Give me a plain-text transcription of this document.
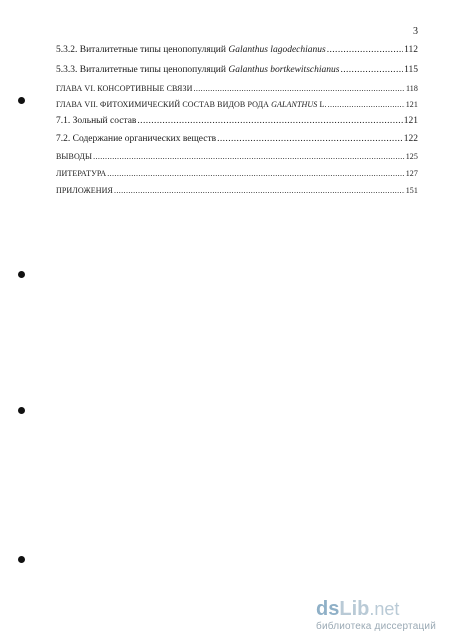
3
5.3.2. Виталитетные типы ценопопуляций Galanthus lagodechianus .....	112
5.3.3. Виталитетные типы ценопопуляций Galanthus bortkewitschianus .....	115
ГЛАВА VI. КОНСОРТИВНЫЕ СВЯЗИ .....	118
ГЛАВА VII. ФИТОХИМИЧЕСКИЙ СОСТАВ ВИДОВ РОДА GALANTHUS L. .....	121
7.1. Зольный состав .....	121
7.2. Содержание органических веществ .....	122
ВЫВОДЫ .....	125
ЛИТЕРАТУРА .....	127
ПРИЛОЖЕНИЯ .....	151
ds Lib .net
библиотека диссертаций
